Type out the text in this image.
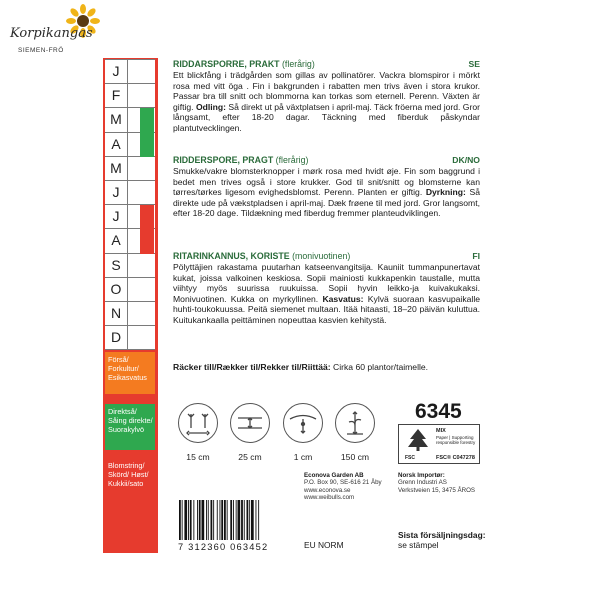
Korpikangas
SIEMEN-FRÖ
J
F
M
A
M
J
J
A
S
O
N
D
Förså/ Forkultur/ Esikasvatus
Direktså/ Såing direkte/ Suorakylvö
Blomstring/ Skörd/ Høst/ Kukkii/sato
RIDDARSPORRE, PRAKT (flerårig)	SE

Ett blickfång i trädgården som gillas av pollinatörer. Vackra blomspiror i mörkt rosa med vitt öga . Fin i bakgrunden i rabatten men trivs även i stora krukor. Passar bra till snitt och blommorna kan torkas som eternell. Perenn. Växten är giftig. Odling: Så direkt ut på växtplatsen i april-maj. Täck fröerna med jord. Gror långsamt, efter 18-20 dagar. Täckning med fiberduk påskyndar plantutvecklingen.

RIDDERSPORE, PRAGT (flerårig)	DK/NO

Smukke/vakre blomsterknopper i mørk rosa med hvidt øje. Fin som baggrund i bedet men trives også i store krukker. God til snit/snitt og blomsterne kan tørres/tørkes ligesom evighedsblomst. Perenn. Planten er giftig. Dyrkning: Så direkte ude på vækstpladsen i april-maj. Dæk frøene til med jord. Gror langsomt, efter 18-20 dage. Tildækning med fiberdug fremmer planteudviklingen.

RITARINKANNUS, KORISTE (monivuotinen)	FI

Pölyttäjien rakastama puutarhan katseenvangitsija. Kauniit tummanpunertavat kukat, joissa valkoinen keskiosa. Sopii mainiosti kukkapenkin taustalle, mutta viihtyy myös suurissa ruukuissa. Sopii hyvin leikko-ja kuivakukaksi. Monivuotinen. Kukka on myrkyllinen. Kasvatus: Kylvä suoraan kasvupaikalle huhti-toukokuussa. Peitä siemenet multaan. Itää hitaasti, 18–20 päivän kuluttua. Kuitukankaalla peittäminen nopeuttaa kasvien kehitystä.

Räcker till/Rækker til/Rekker til/Riittää: Cirka 60 plantor/taimelle.
15 cm	25 cm	1 cm	150 cm
6345
FSC
MIX
Paper | Supporting responsible forestry
FSC® C047278
Econova Garden AB
P.O. Box 90, SE-616 21 Åby
www.econova.se
www.weibulls.com
Norsk Importør:
Grenn Industri AS
Verkstveien 15, 3475 ÅROS
7 312360 063452	EU NORM
Sista försäljningsdag:
se stämpel
